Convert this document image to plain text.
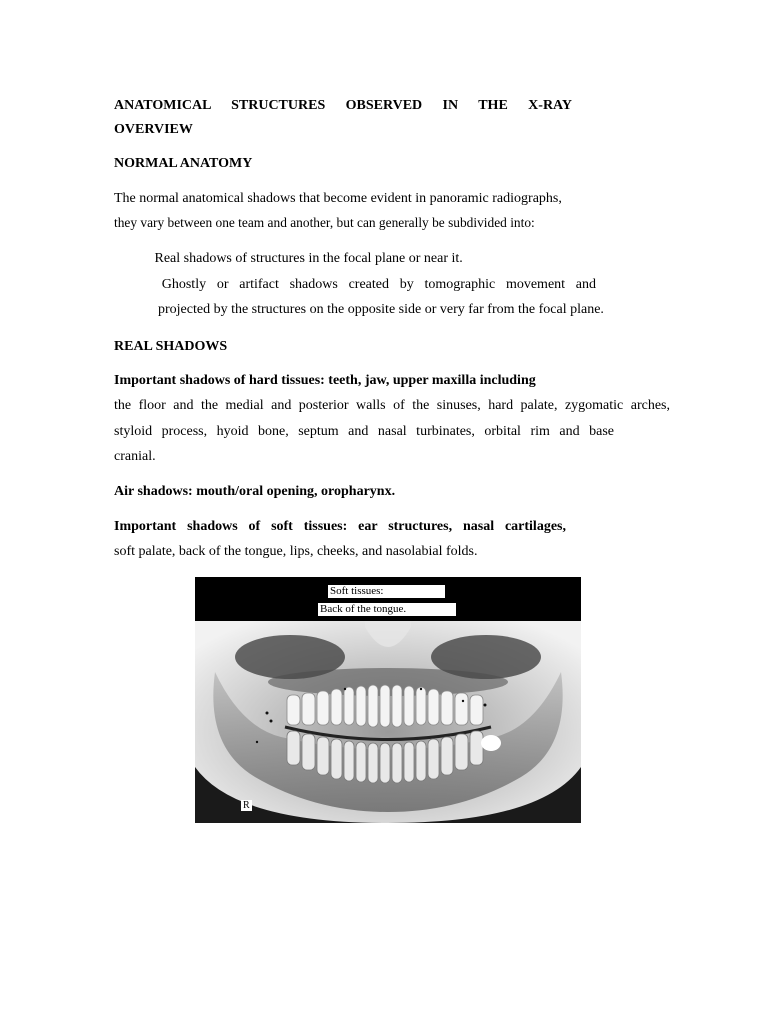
ANATOMICAL STRUCTURES OBSERVED IN THE X-RAY
OVERVIEW
NORMAL ANATOMY
The normal anatomical shadows that become evident in panoramic radiographs,
they vary between one team and another, but can generally be subdivided into:
Real shadows of structures in the focal plane or near it.
Ghostly or artifact shadows created by tomographic movement and
projected by the structures on the opposite side or very far from the focal plane.
REAL SHADOWS
Important shadows of hard tissues: teeth, jaw, upper maxilla including
the floor and the medial and posterior walls of the sinuses, hard palate, zygomatic arches,
styloid process, hyoid bone, septum and nasal turbinates, orbital rim and base
cranial.
Air shadows: mouth/oral opening, oropharynx.
Important shadows of soft tissues: ear structures, nasal cartilages,
soft palate, back of the tongue, lips, cheeks, and nasolabial folds.
Soft tissues:
Back of the tongue.
R
